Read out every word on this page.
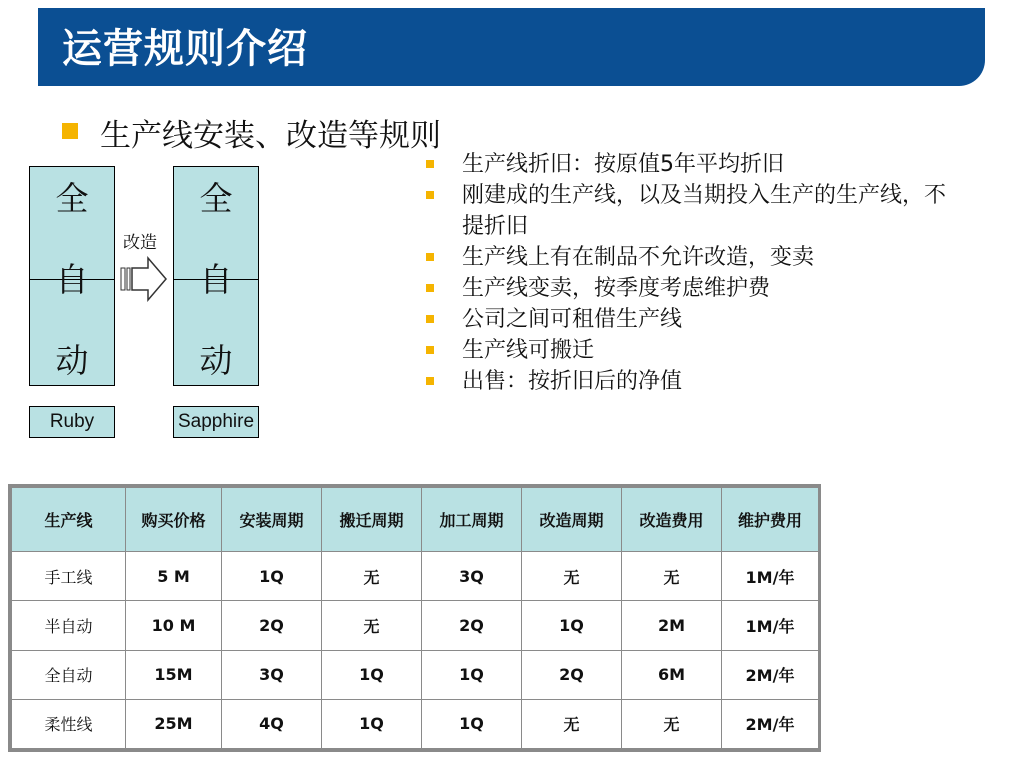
运营规则介绍
生产线安装、改造等规则
生产线折旧：按原值5年平均折旧
刚建成的生产线，以及当期投入生产的生产线，不提折旧
生产线上有在制品不允许改造，变卖
生产线变卖，按季度考虑维护费
公司之间可租借生产线
生产线可搬迁
出售：按折旧后的净值
全
自
动
改造
全
自
动
Ruby	Sapphire
生产线	购买价格	安装周期	搬迁周期	加工周期	改造周期	改造费用	维护费用
手工线	5 M	1Q	无	3Q	无	无	1M/年
半自动	10 M	2Q	无	2Q	1Q	2M	1M/年
全自动	15M	3Q	1Q	1Q	2Q	6M	2M/年
柔性线	25M	4Q	1Q	1Q	无	无	2M/年
